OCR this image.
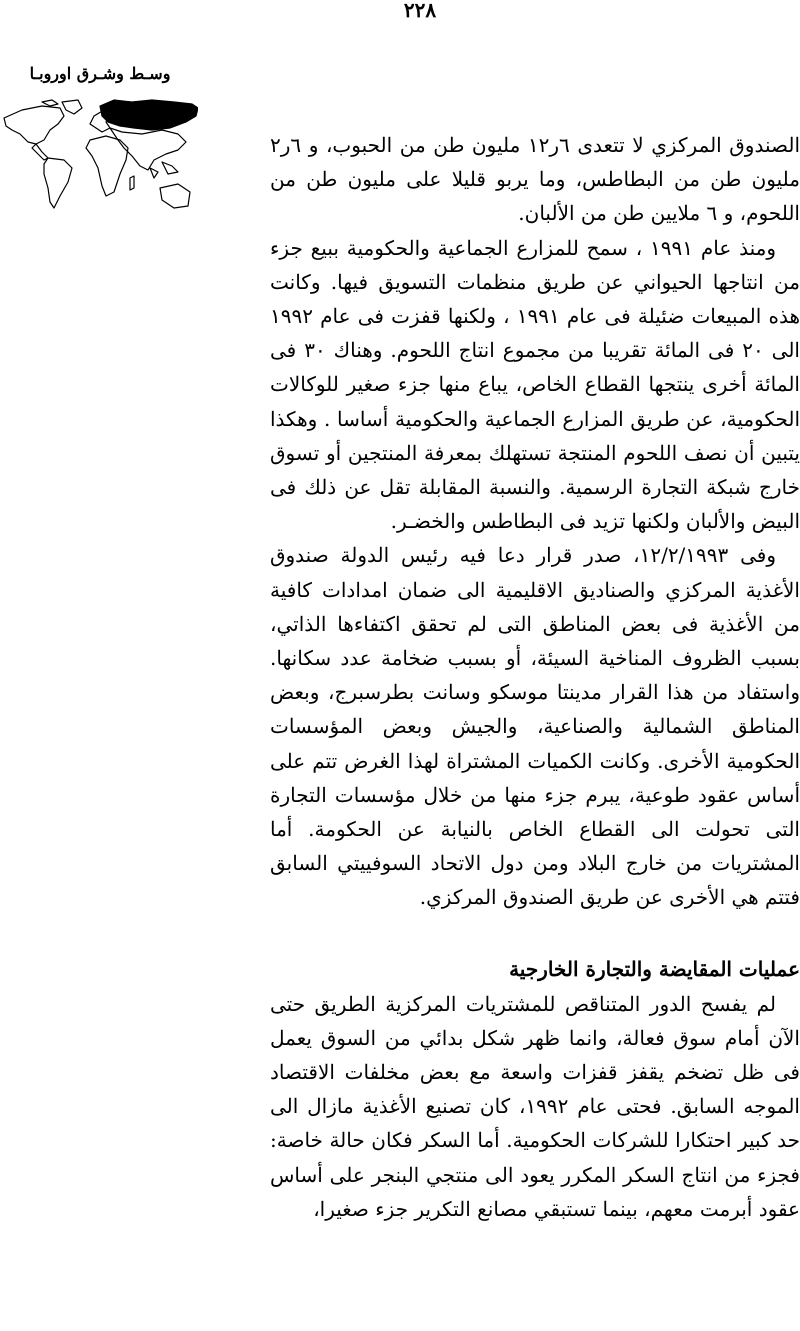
٢٢٨
وسـط وشـرق اوروبـا

الصندوق المركزي لا تتعدى ٦ر١٢ مليون طن من الحبوب، و ٦ر٢ مليون طن من البطاطس، وما يربو قليلا على مليون طن من اللحوم، و ٦ ملايين طن من الألبان.

ومنذ عام ١٩٩١ ، سمح للمزارع الجماعية والحكومية ببيع جزء من انتاجها الحيواني عن طريق منظمات التسويق فيها. وكانت هذه المبيعات ضئيلة فى عام ١٩٩١ ، ولكنها قفزت فى عام ١٩٩٢ الى ٢٠ فى المائة تقريبا من مجموع انتاج اللحوم. وهناك ٣٠ فى المائة أخرى ينتجها القطاع الخاص، يباع منها جزء صغير للوكالات الحكومية، عن طريق المزارع الجماعية والحكومية أساسا . وهكذا يتبين أن نصف اللحوم المنتجة تستهلك بمعرفة المنتجين أو تسوق خارج شبكة التجارة الرسمية. والنسبة المقابلة تقل عن ذلك فى البيض والألبان ولكنها تزيد فى البطاطس والخضـر.

وفى ١٢/٢/١٩٩٣، صدر قرار دعا فيه رئيس الدولة صندوق الأغذية المركزي والصناديق الاقليمية الى ضمان امدادات كافية من الأغذية فى بعض المناطق التى لم تحقق اكتفاءها الذاتي، بسبب الظروف المناخية السيئة، أو بسبب ضخامة عدد سكانها. واستفاد من هذا القرار مدينتا موسكو وسانت بطرسبرج، وبعض المناطق الشمالية والصناعية، والجيش وبعض المؤسسات الحكومية الأخرى. وكانت الكميات المشتراة لهذا الغرض تتم على أساس عقود طوعية، يبرم جزء منها من خلال مؤسسات التجارة التى تحولت الى القطاع الخاص بالنيابة عن الحكومة. أما المشتريات من خارج البلاد ومن دول الاتحاد السوفييتي السابق فتتم هي الأخرى عن طريق الصندوق المركزي.

عمليات المقايضة والتجارة الخارجية

لم يفسح الدور المتناقص للمشتريات المركزية الطريق حتى الآن أمام سوق فعالة، وانما ظهر شكل بدائي من السوق يعمل فى ظل تضخم يقفز قفزات واسعة مع بعض مخلفات الاقتصاد الموجه السابق. فحتى عام ١٩٩٢، كان تصنيع الأغذية مازال الى حد كبير احتكارا للشركات الحكومية. أما السكر فكان حالة خاصة: فجزء من انتاج السكر المكرر يعود الى منتجي البنجر على أساس عقود أبرمت معهم، بينما تستبقي مصانع التكرير جزء صغيرا،
